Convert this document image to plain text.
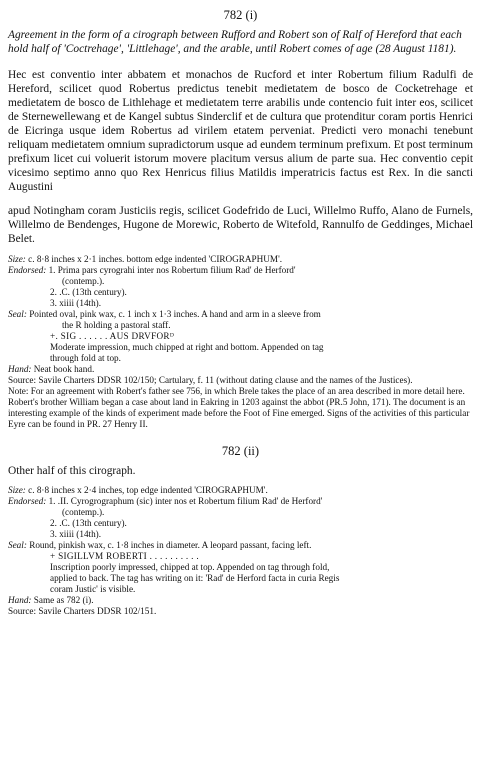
782 (i)

Agreement in the form of a cirograph between Rufford and Robert son of Ralf of Hereford that each hold half of 'Coctrehage', 'Littlehage', and the arable, until Robert comes of age (28 August 1181).

Hec est conventio inter abbatem et monachos de Rucford et inter Robertum filium Radulfi de Hereford, scilicet quod Robertus predictus tenebit medietatem de bosco de Cocketrehage et medietatem de bosco de Lithlehage et medietatem terre arabilis unde contencio fuit inter eos, scilicet de Sternewellewang et de Kangel subtus Sinderclif et de cultura que protenditur coram portis Henrici de Eicringa usque idem Robertus ad virilem etatem perveniat. Predicti vero monachi tenebunt reliquam medietatem omnium supradictorum usque ad eundem terminum prefixum. Et post terminum prefixum licet cui voluerit istorum movere placitum versus alium de parte sua. Hec conventio cepit vicesimo septimo anno quo Rex Henricus filius Matildis imperatricis factus est Rex. In die sancti Augustini

apud Notingham coram Justiciis regis, scilicet Godefrido de Luci, Willelmo Ruffo, Alano de Furnels, Willelmo de Bendenges, Hugone de Morewic, Roberto de Witefold, Rannulfo de Geddinges, Michael Belet.

Size:
c. 8·8 inches x 2·1 inches. bottom edge indented 'CIROGRAPHUM'.
Endorsed:
1. Prima pars cyrograhi inter nos Robertum filium Rad' de Herford'
(contemp.).
2. .C. (13th century).
3. xiiii (14th).
Seal:
Pointed oval, pink wax, c. 1 inch x 1·3 inches. A hand and arm in a sleeve from
the R holding a pastoral staff.
+. SIG . . . . . . AUS DRVFORᴰ
Moderate impression, much chipped at right and bottom. Appended on tag
through fold at top.
Hand:
Neat book hand.

Source: Savile Charters DDSR 102/150; Cartulary, f. 11 (without dating clause and the names of the Justices).

Note: For an agreement with Robert's father see 756, in which Brele takes the place of an area described in more detail here. Robert's brother William began a case about land in Eakring in 1203 against the abbot (PR.5 John, 171). The document is an interesting example of the kinds of experiment made before the Foot of Fine emerged. Signs of the activities of this particular Eyre can be found in PR. 27 Henry II.

782 (ii)

Other half of this cirograph.

Size:
c. 8·8 inches x 2·4 inches, top edge indented 'CIROGRAPHUM'.
Endorsed:
1. .II. Cyrogrographum (sic) inter nos et Robertum filium Rad' de Herford'
(contemp.).
2. .C. (13th century).
3. xiiii (14th).
Seal:
Round, pinkish wax, c. 1·8 inches in diameter. A leopard passant, facing left.
+ SIGILLVM ROBERTI . . . . . . . . . .
Inscription poorly impressed, chipped at top. Appended on tag through fold,
applied to back. The tag has writing on it: 'Rad' de Herford facta in curia Regis
coram Justic' is visible.
Hand:
Same as 782 (i).

Source: Savile Charters DDSR 102/151.
